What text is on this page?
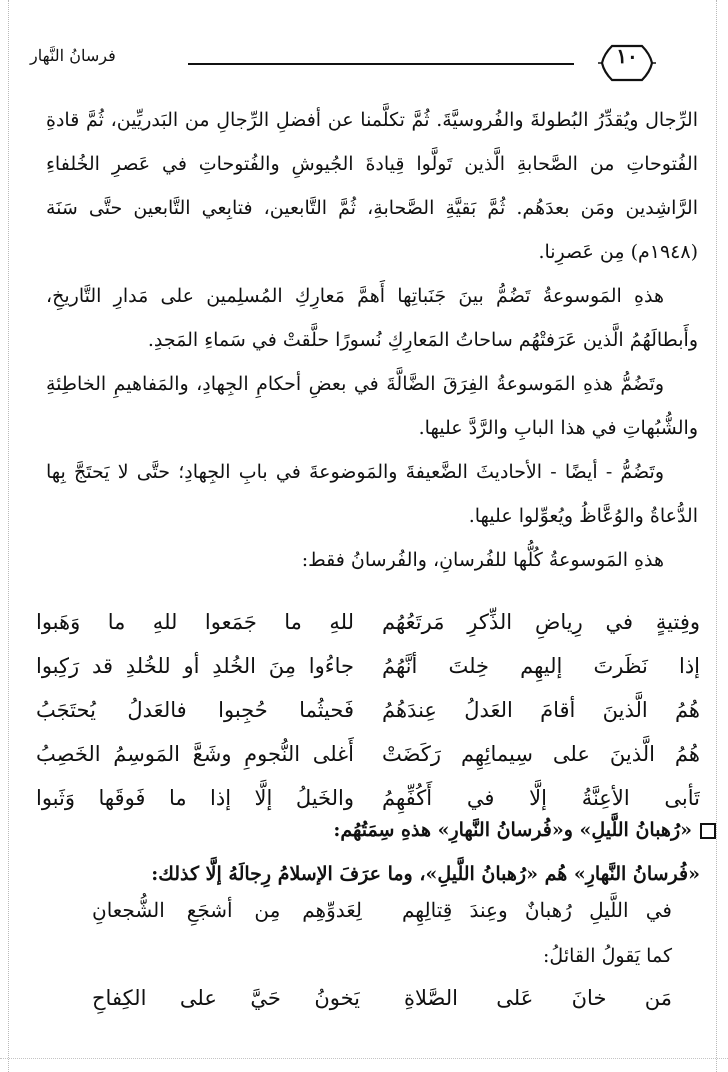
فرسانُ النَّهار	١٠

الرِّجال ويُقدِّرُ البُطولةَ والفُروسيَّةَ. ثُمَّ تكلَّمنا عن أفضلِ الرِّجالِ من البَدريِّين، ثُمَّ قادةِ الفُتوحاتِ من الصَّحابةِ الَّذين تَولَّوا قِيادةَ الجُيوشِ والفُتوحاتِ في عَصرِ الخُلفاءِ الرَّاشِدين ومَن بعدَهُم. ثُمَّ بَقيَّةِ الصَّحابةِ، ثُمَّ التَّابعين، فتابِعي التَّابعين حتَّى سَنَة (١٩٤٨م) مِن عَصرِنا.

هذهِ المَوسوعةُ تَضُمُّ بينَ جَنَباتِها أَهمَّ مَعارِكِ المُسلِمين على مَدارِ التَّاريخِ، وأَبطالَهُمُ الَّذين عَرَفتْهُم ساحاتُ المَعارِكِ نُسورًا حلَّقتْ في سَماءِ المَجدِ.

وتَضُمُّ هذهِ المَوسوعةُ الفِرَقَ الضَّالَّةَ في بعضِ أحكامِ الجِهادِ، والمَفاهيمِ الخاطِئةِ والشُّبُهاتِ في هذا البابِ والرَّدَّ عليها.

وتَضُمُّ - أيضًا - الأحاديثَ الضَّعيفةَ والمَوضوعةَ في بابِ الجِهادِ؛ حتَّى لا يَحتَجَّ بِها الدُّعاةُ والوُعَّاظُ ويُعوِّلوا عليها.

هذهِ المَوسوعةُ كُلُّها للفُرسانِ، والفُرسانُ فقط:

وفِتيةٍ في رِياضِ الذِّكرِ مَرتَعُهُم
للهِ ما جَمَعوا للهِ ما وَهَبوا
إذا نَظَرتَ إليهِم خِلتَ أنَّهُمُ
جاءُوا مِنَ الخُلدِ أو للخُلدِ قد رَكِبوا
هُمُ الَّذينَ أقامَ العَدلُ عِندَهُمُ
فَحيثُما حُجِبوا فالعَدلُ يُحتَجَبُ
هُمُ الَّذينَ على سِيمائِهِم رَكَضَتْ
أَغلى النُّجومِ وشَعَّ المَوسِمُ الخَصِبُ
تَأبى الأعِنَّةُ إلَّا في أَكُفِّهِمُ
والخَيلُ إلَّا إذا ما فَوقَها وَثَبوا
«رُهبانُ اللَّيلِ» و«فُرسانُ النَّهارِ» هذهِ سِمَتُهُم:
«فُرسانُ النَّهارِ» هُم «رُهبانُ اللَّيلِ»، وما عرَفَ الإسلامُ رِجالَهُ إلَّا كذلك:
في اللَّيلِ رُهبانٌ وعِندَ قِتالِهِم
لِعَدوِّهِم مِن أشجَعِ الشُّجعانِ
كما يَقولُ القائلُ:
مَن خانَ عَلى الصَّلاةِ
يَخونُ حَيَّ على الكِفاحِ
